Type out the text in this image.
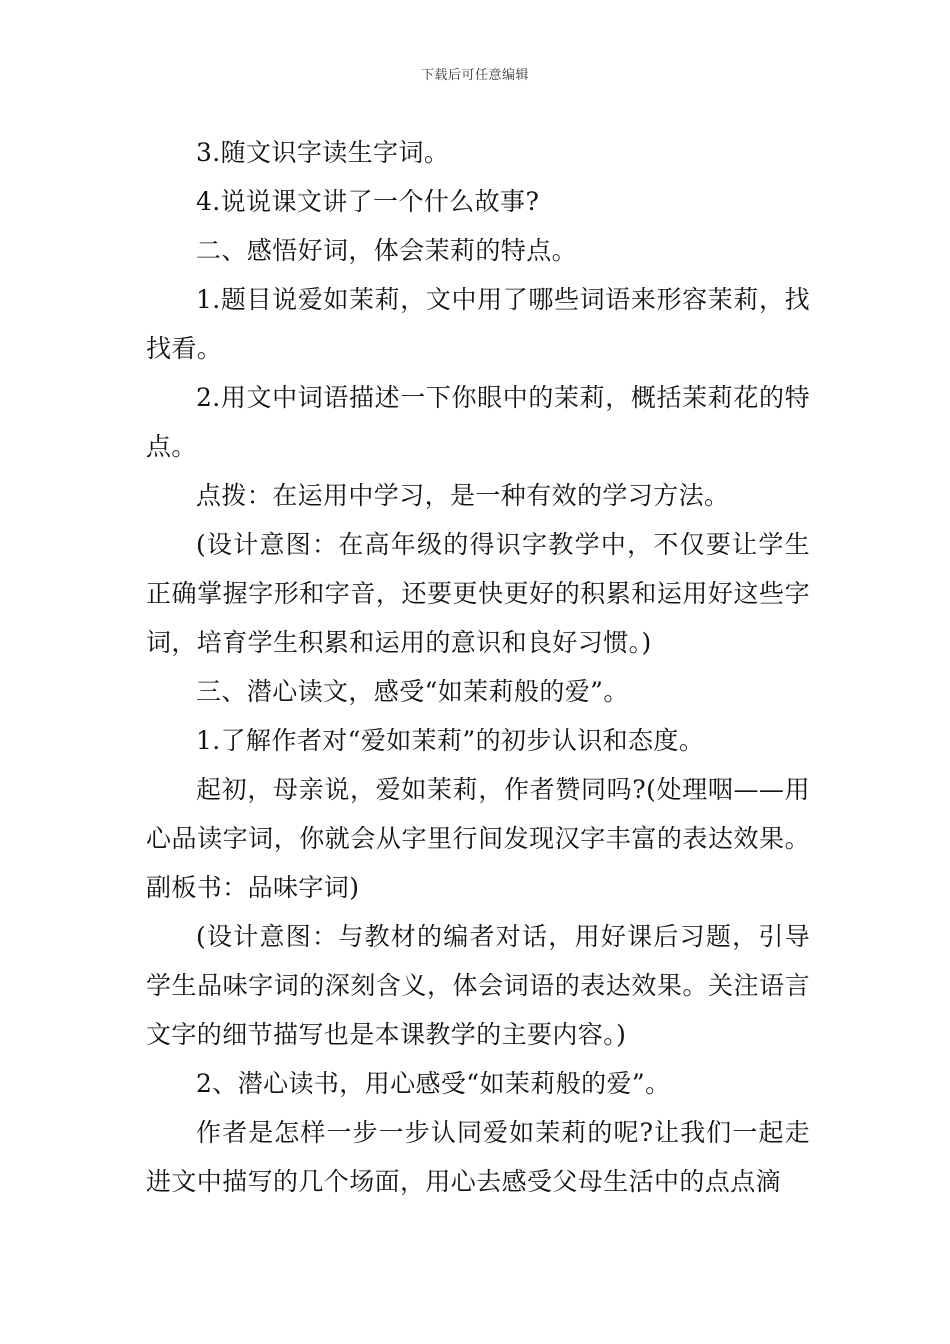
下载后可任意编辑

3.随文识字读生字词。

4.说说课文讲了一个什么故事?

二、感悟好词，体会茉莉的特点。

1.题目说爱如茉莉，文中用了哪些词语来形容茉莉，找找看。

2.用文中词语描述一下你眼中的茉莉，概括茉莉花的特点。

点拨：在运用中学习，是一种有效的学习方法。

(设计意图：在高年级的得识字教学中，不仅要让学生正确掌握字形和字音，还要更快更好的积累和运用好这些字词，培育学生积累和运用的意识和良好习惯。)

三、潜心读文，感受“如茉莉般的爱”。

1.了解作者对“爱如茉莉”的初步认识和态度。

起初，母亲说，爱如茉莉，作者赞同吗?(处理咽——用心品读字词，你就会从字里行间发现汉字丰富的表达效果。副板书：品味字词)

(设计意图：与教材的编者对话，用好课后习题，引导学生品味字词的深刻含义，体会词语的表达效果。关注语言文字的细节描写也是本课教学的主要内容。)

2、潜心读书，用心感受“如茉莉般的爱”。

作者是怎样一步一步认同爱如茉莉的呢?让我们一起走进文中描写的几个场面，用心去感受父母生活中的点点滴
